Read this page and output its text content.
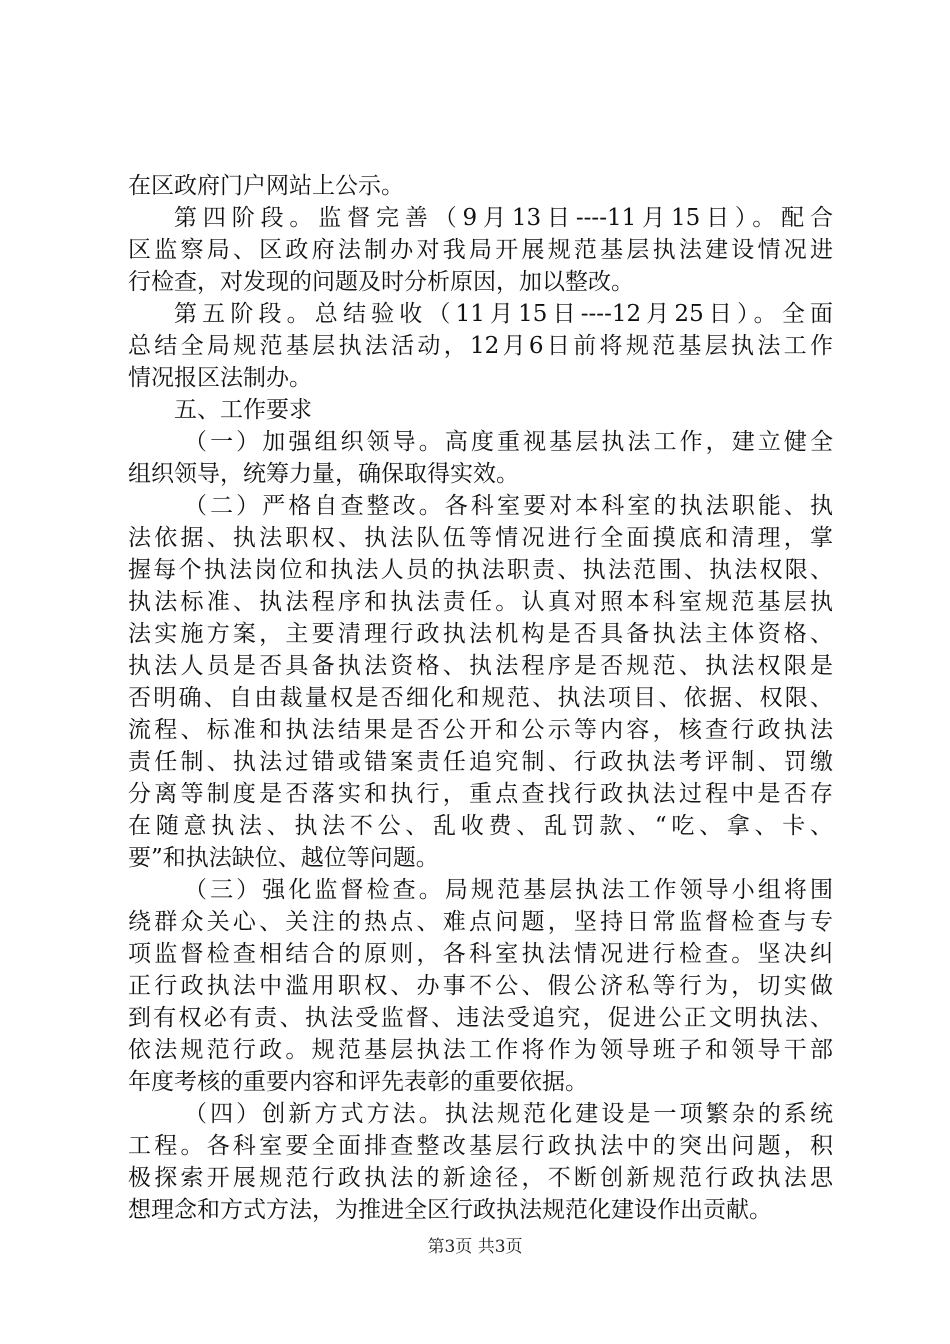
在区政府门户网站上公示。
第四阶段。监督完善（9月13日----11月15日）。配合
区监察局、区政府法制办对我局开展规范基层执法建设情况进
行检查，对发现的问题及时分析原因，加以整改。
第五阶段。总结验收（11月15日----12月25日）。全面
总结全局规范基层执法活动，12月6日前将规范基层执法工作
情况报区法制办。
五、工作要求
（一）加强组织领导。高度重视基层执法工作，建立健全
组织领导，统筹力量，确保取得实效。
（二）严格自查整改。各科室要对本科室的执法职能、执
法依据、执法职权、执法队伍等情况进行全面摸底和清理，掌
握每个执法岗位和执法人员的执法职责、执法范围、执法权限、
执法标准、执法程序和执法责任。认真对照本科室规范基层执
法实施方案，主要清理行政执法机构是否具备执法主体资格、
执法人员是否具备执法资格、执法程序是否规范、执法权限是
否明确、自由裁量权是否细化和规范、执法项目、依据、权限、
流程、标准和执法结果是否公开和公示等内容，核查行政执法
责任制、执法过错或错案责任追究制、行政执法考评制、罚缴
分离等制度是否落实和执行，重点查找行政执法过程中是否存
在随意执法、执法不公、乱收费、乱罚款、“吃、拿、卡、
要”和执法缺位、越位等问题。
（三）强化监督检查。局规范基层执法工作领导小组将围
绕群众关心、关注的热点、难点问题，坚持日常监督检查与专
项监督检查相结合的原则，各科室执法情况进行检查。坚决纠
正行政执法中滥用职权、办事不公、假公济私等行为，切实做
到有权必有责、执法受监督、违法受追究，促进公正文明执法、
依法规范行政。规范基层执法工作将作为领导班子和领导干部
年度考核的重要内容和评先表彰的重要依据。
（四）创新方式方法。执法规范化建设是一项繁杂的系统
工程。各科室要全面排查整改基层行政执法中的突出问题，积
极探索开展规范行政执法的新途径，不断创新规范行政执法思
想理念和方式方法，为推进全区行政执法规范化建设作出贡献。
第3页 共3页
